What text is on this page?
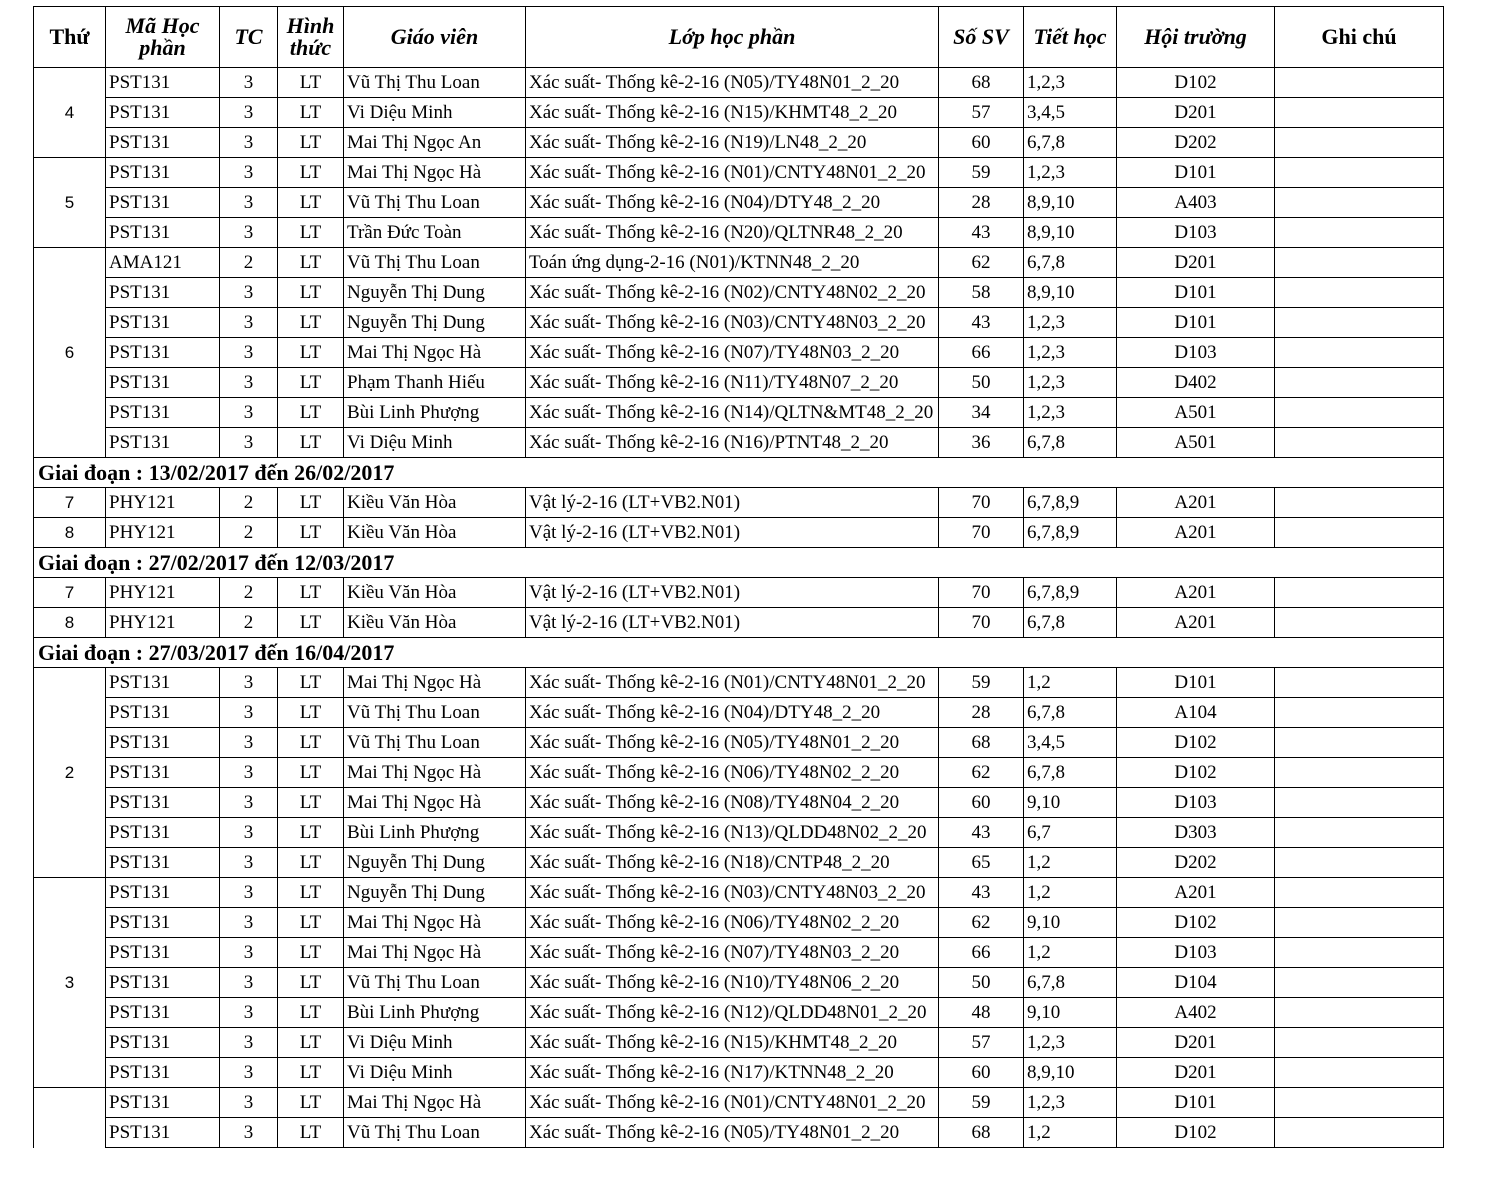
Thứ	Mã Học phần	TC	Hình thức	Giáo viên	Lớp học phần	Số SV	Tiết học	Hội trường	Ghi chú
4	PST131	3	LT	Vũ Thị Thu Loan	Xác suất- Thống kê-2-16 (N05)/TY48N01_2_20	68	1,2,3	D102	
	PST131	3	LT	Vi Diệu Minh	Xác suất- Thống kê-2-16 (N15)/KHMT48_2_20	57	3,4,5	D201	
	PST131	3	LT	Mai Thị Ngọc An	Xác suất- Thống kê-2-16 (N19)/LN48_2_20	60	6,7,8	D202	
5	PST131	3	LT	Mai Thị Ngọc Hà	Xác suất- Thống kê-2-16 (N01)/CNTY48N01_2_20	59	1,2,3	D101	
	PST131	3	LT	Vũ Thị Thu Loan	Xác suất- Thống kê-2-16 (N04)/DTY48_2_20	28	8,9,10	A403	
	PST131	3	LT	Trần Đức Toàn	Xác suất- Thống kê-2-16 (N20)/QLTNR48_2_20	43	8,9,10	D103	
6	AMA121	2	LT	Vũ Thị Thu Loan	Toán ứng dụng-2-16 (N01)/KTNN48_2_20	62	6,7,8	D201	
	PST131	3	LT	Nguyễn Thị Dung	Xác suất- Thống kê-2-16 (N02)/CNTY48N02_2_20	58	8,9,10	D101	
	PST131	3	LT	Nguyễn Thị Dung	Xác suất- Thống kê-2-16 (N03)/CNTY48N03_2_20	43	1,2,3	D101	
	PST131	3	LT	Mai Thị Ngọc Hà	Xác suất- Thống kê-2-16 (N07)/TY48N03_2_20	66	1,2,3	D103	
	PST131	3	LT	Phạm Thanh Hiếu	Xác suất- Thống kê-2-16 (N11)/TY48N07_2_20	50	1,2,3	D402	
	PST131	3	LT	Bùi Linh Phượng	Xác suất- Thống kê-2-16 (N14)/QLTN&MT48_2_20	34	1,2,3	A501	
	PST131	3	LT	Vi Diệu Minh	Xác suất- Thống kê-2-16 (N16)/PTNT48_2_20	36	6,7,8	A501	
Giai đoạn : 13/02/2017 đến 26/02/2017									
7	PHY121	2	LT	Kiều Văn Hòa	Vật lý-2-16 (LT+VB2.N01)	70	6,7,8,9	A201	
8	PHY121	2	LT	Kiều Văn Hòa	Vật lý-2-16 (LT+VB2.N01)	70	6,7,8,9	A201	
Giai đoạn : 27/02/2017 đến 12/03/2017									
7	PHY121	2	LT	Kiều Văn Hòa	Vật lý-2-16 (LT+VB2.N01)	70	6,7,8,9	A201	
8	PHY121	2	LT	Kiều Văn Hòa	Vật lý-2-16 (LT+VB2.N01)	70	6,7,8	A201	
Giai đoạn : 27/03/2017 đến 16/04/2017									
2	PST131	3	LT	Mai Thị Ngọc Hà	Xác suất- Thống kê-2-16 (N01)/CNTY48N01_2_20	59	1,2	D101	
	PST131	3	LT	Vũ Thị Thu Loan	Xác suất- Thống kê-2-16 (N04)/DTY48_2_20	28	6,7,8	A104	
	PST131	3	LT	Vũ Thị Thu Loan	Xác suất- Thống kê-2-16 (N05)/TY48N01_2_20	68	3,4,5	D102	
	PST131	3	LT	Mai Thị Ngọc Hà	Xác suất- Thống kê-2-16 (N06)/TY48N02_2_20	62	6,7,8	D102	
	PST131	3	LT	Mai Thị Ngọc Hà	Xác suất- Thống kê-2-16 (N08)/TY48N04_2_20	60	9,10	D103	
	PST131	3	LT	Bùi Linh Phượng	Xác suất- Thống kê-2-16 (N13)/QLDD48N02_2_20	43	6,7	D303	
	PST131	3	LT	Nguyễn Thị Dung	Xác suất- Thống kê-2-16 (N18)/CNTP48_2_20	65	1,2	D202	
3	PST131	3	LT	Nguyễn Thị Dung	Xác suất- Thống kê-2-16 (N03)/CNTY48N03_2_20	43	1,2	A201	
	PST131	3	LT	Mai Thị Ngọc Hà	Xác suất- Thống kê-2-16 (N06)/TY48N02_2_20	62	9,10	D102	
	PST131	3	LT	Mai Thị Ngọc Hà	Xác suất- Thống kê-2-16 (N07)/TY48N03_2_20	66	1,2	D103	
	PST131	3	LT	Vũ Thị Thu Loan	Xác suất- Thống kê-2-16 (N10)/TY48N06_2_20	50	6,7,8	D104	
	PST131	3	LT	Bùi Linh Phượng	Xác suất- Thống kê-2-16 (N12)/QLDD48N01_2_20	48	9,10	A402	
	PST131	3	LT	Vi Diệu Minh	Xác suất- Thống kê-2-16 (N15)/KHMT48_2_20	57	1,2,3	D201	
	PST131	3	LT	Vi Diệu Minh	Xác suất- Thống kê-2-16 (N17)/KTNN48_2_20	60	8,9,10	D201	
	PST131	3	LT	Mai Thị Ngọc Hà	Xác suất- Thống kê-2-16 (N01)/CNTY48N01_2_20	59	1,2,3	D101	
	PST131	3	LT	Vũ Thị Thu Loan	Xác suất- Thống kê-2-16 (N05)/TY48N01_2_20	68	1,2	D102	
